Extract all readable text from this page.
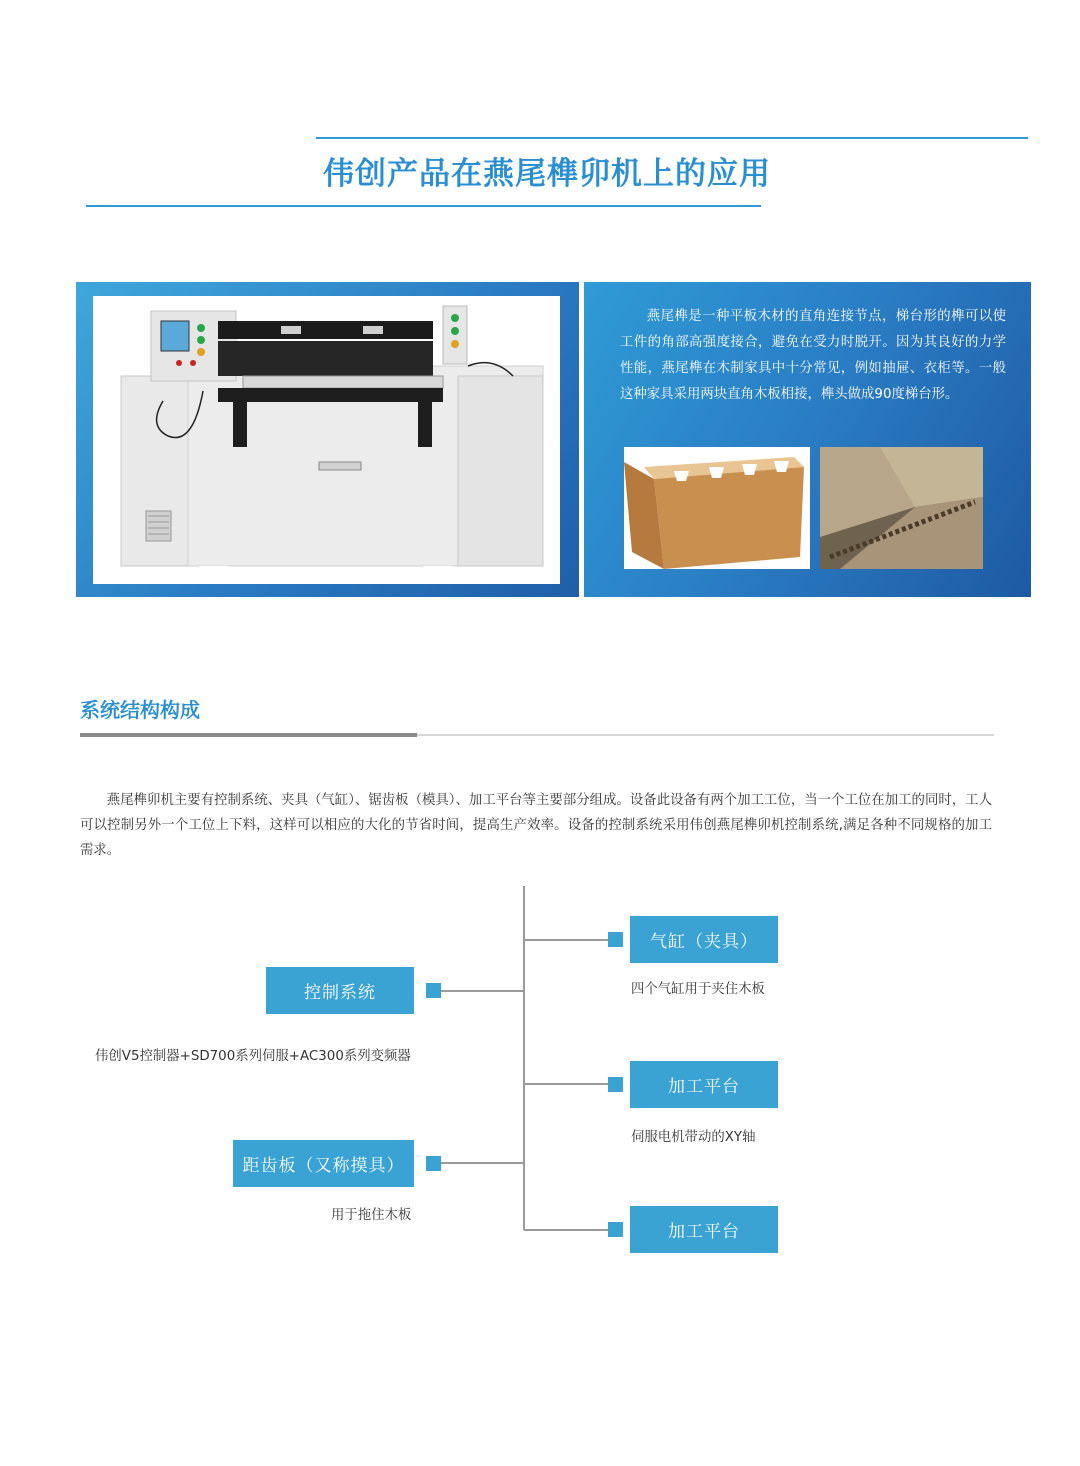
伟创产品在燕尾榫卯机上的应用
燕尾榫是一种平板木材的直角连接节点，梯台形的榫可以使工件的角部高强度接合，避免在受力时脱开。因为其良好的力学性能，燕尾榫在木制家具中十分常见，例如抽屉、衣柜等。一般这种家具采用两块直角木板相接，榫头做成90度梯台形。
系统结构构成
燕尾榫卯机主要有控制系统、夹具（气缸）、锯齿板（模具）、加工平台等主要部分组成。设备此设备有两个加工工位，当一个工位在加工的同时，工人可以控制另外一个工位上下料，这样可以相应的大化的节省时间，提高生产效率。设备的控制系统采用伟创燕尾榫卯机控制系统,满足各种不同规格的加工需求。
控制系统
伟创V5控制器+SD700系列伺服+AC300系列变频器
距齿板（又称摸具）
用于拖住木板
气缸（夹具）
四个气缸用于夹住木板
加工平台
伺服电机带动的XY轴
加工平台
